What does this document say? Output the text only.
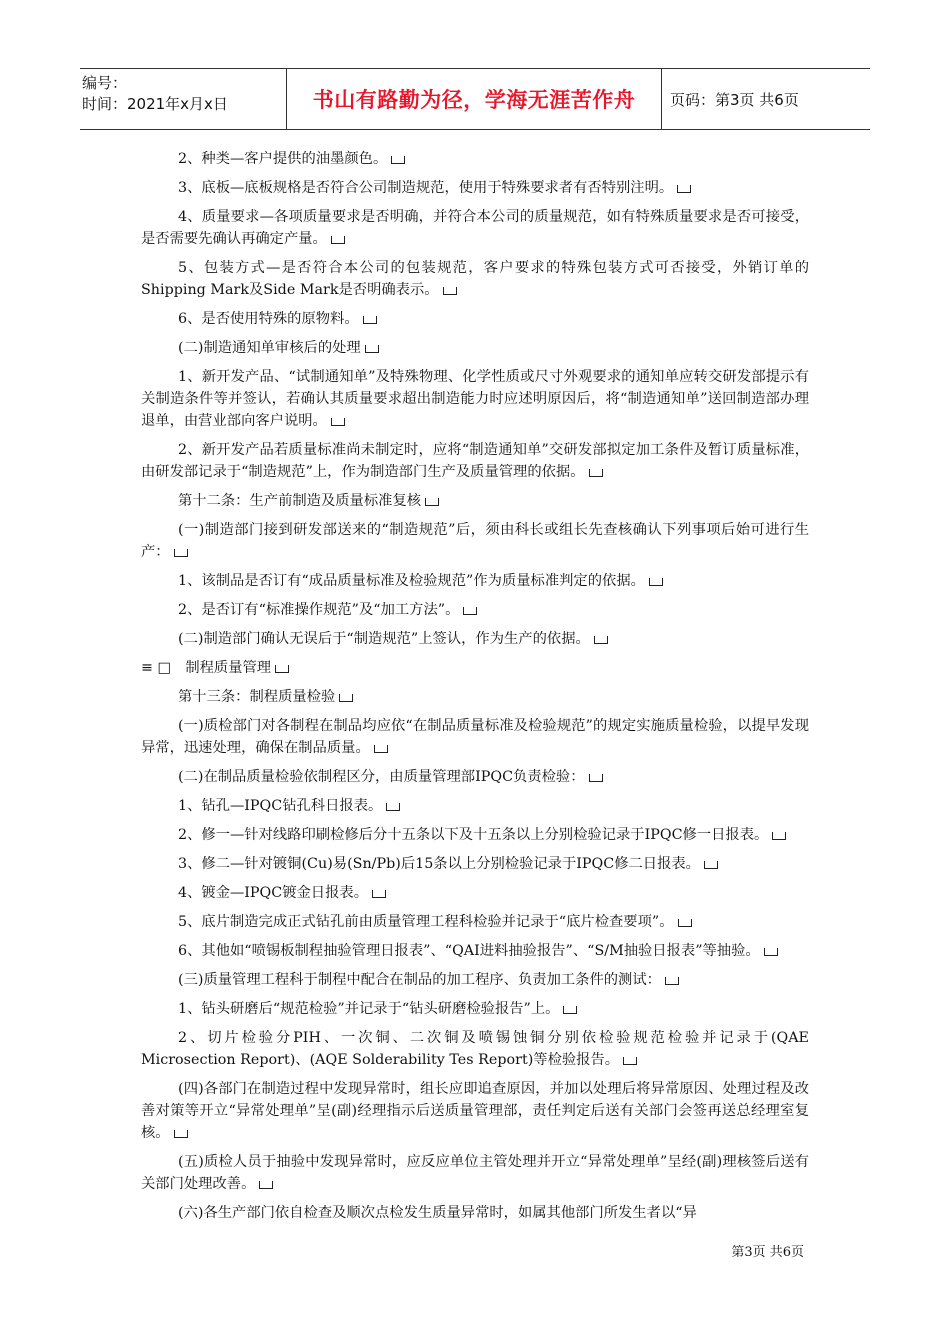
编号：
时间：2021年x月x日	书山有路勤为径，学海无涯苦作舟	页码：第3页 共6页

2、种类—客户提供的油墨颜色。

3、底板—底板规格是否符合公司制造规范，使用于特殊要求者有否特别注明。

4、质量要求—各项质量要求是否明确，并符合本公司的质量规范，如有特殊质量要求是否可接受，是否需要先确认再确定产量。

5、包装方式—是否符合本公司的包装规范，客户要求的特殊包装方式可否接受，外销订单的Shipping Mark及Side Mark是否明确表示。

6、是否使用特殊的原物料。

(二)制造通知单审核后的处理

1、新开发产品、“试制通知单”及特殊物理、化学性质或尺寸外观要求的通知单应转交研发部提示有关制造条件等并签认，若确认其质量要求超出制造能力时应述明原因后，将“制造通知单”送回制造部办理退单，由营业部向客户说明。

2、新开发产品若质量标准尚未制定时，应将“制造通知单”交研发部拟定加工条件及暂订质量标准，由研发部记录于“制造规范”上，作为制造部门生产及质量管理的依据。

第十二条：生产前制造及质量标准复核

(一)制造部门接到研发部送来的“制造规范”后，须由科长或组长先查核确认下列事项后始可进行生产：

1、该制品是否订有“成品质量标准及检验规范”作为质量标准判定的依据。

2、是否订有“标准操作规范”及“加工方法”。

(二)制造部门确认无误后于“制造规范”上签认，作为生产的依据。

≡ □　制程质量管理

第十三条：制程质量检验

(一)质检部门对各制程在制品均应依“在制品质量标准及检验规范”的规定实施质量检验，以提早发现异常，迅速处理，确保在制品质量。

(二)在制品质量检验依制程区分，由质量管理部IPQC负责检验：

1、钻孔—IPQC钻孔科日报表。

2、修一—针对线路印刷检修后分十五条以下及十五条以上分别检验记录于IPQC修一日报表。

3、修二—针对镀铜(Cu)易(Sn/Pb)后15条以上分别检验记录于IPQC修二日报表。

4、镀金—IPQC镀金日报表。

5、底片制造完成正式钻孔前由质量管理工程科检验并记录于“底片检查要项”。

6、其他如“喷锡板制程抽验管理日报表”、“QAI进料抽验报告”、“S/M抽验日报表”等抽验。

(三)质量管理工程科于制程中配合在制品的加工程序、负责加工条件的测试：

1、钻头研磨后“规范检验”并记录于“钻头研磨检验报告”上。

2、切片检验分PIH、一次铜、二次铜及喷锡蚀铜分别依检验规范检验并记录于(QAE Microsection Report)、(AQE Solderability Tes Report)等检验报告。

(四)各部门在制造过程中发现异常时，组长应即追查原因，并加以处理后将异常原因、处理过程及改善对策等开立“异常处理单”呈(副)经理指示后送质量管理部，责任判定后送有关部门会签再送总经理室复核。

(五)质检人员于抽验中发现异常时，应反应单位主管处理并开立“异常处理单”呈经(副)理核签后送有关部门处理改善。

(六)各生产部门依自检查及顺次点检发生质量异常时，如属其他部门所发生者以“异

第3页 共6页
